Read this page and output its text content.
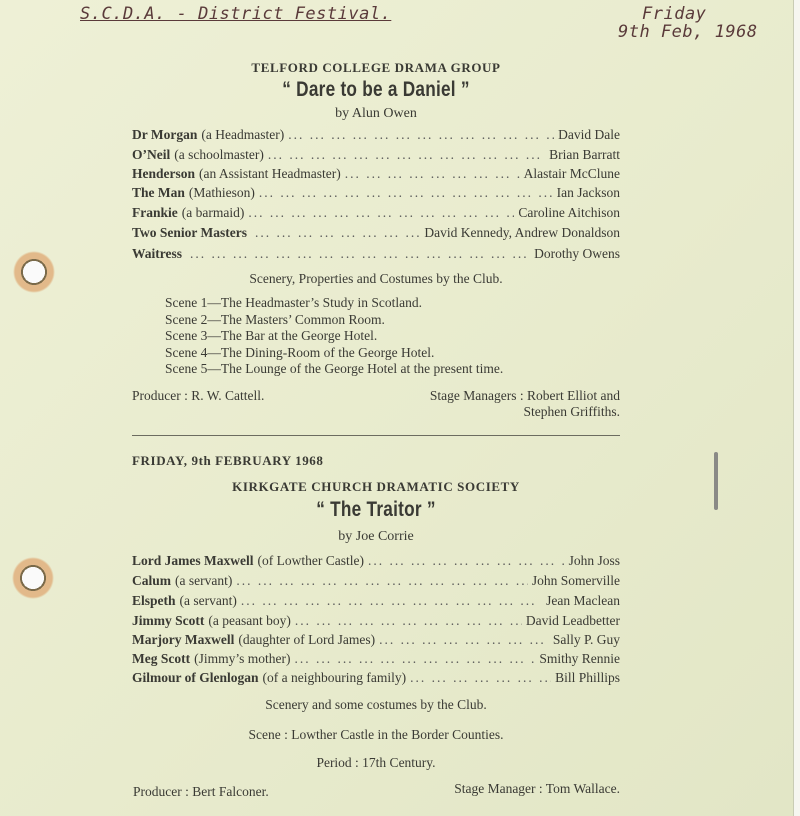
S.C.D.A. - District Festival.	Friday
9th Feb, 1968
TELFORD COLLEGE DRAMA GROUP
“ Dare to be a Daniel ”
by Alun Owen
Dr Morgan (a Headmaster) ... .	David Dale
O’Neil (a schoolmaster) ... .	Brian Barratt
Henderson (an Assistant Headmaster) ... .	Alastair McClune
The Man (Mathieson) ... .	Ian Jackson
Frankie (a barmaid) ... .	Caroline Aitchison
Two Senior Masters ... .	David Kennedy, Andrew Donaldson
Waitress ... .	Dorothy Owens
Scenery, Properties and Costumes by the Club.
Scene 1—The Headmaster’s Study in Scotland.
Scene 2—The Masters’ Common Room.
Scene 3—The Bar at the George Hotel.
Scene 4—The Dining-Room of the George Hotel.
Scene 5—The Lounge of the George Hotel at the present time.
Producer : R. W. Cattell.	Stage Managers : Robert Elliot and
Stephen Griffiths.
FRIDAY, 9th FEBRUARY 1968
KIRKGATE CHURCH DRAMATIC SOCIETY
“ The Traitor ”
by Joe Corrie
Lord James Maxwell (of Lowther Castle) ... .	John Joss
Calum (a servant) ... .	John Somerville
Elspeth (a servant) ... .	Jean Maclean
Jimmy Scott (a peasant boy) ... .	David Leadbetter
Marjory Maxwell (daughter of Lord James) ... .	Sally P. Guy
Meg Scott (Jimmy’s mother) ... .	Smithy Rennie
Gilmour of Glenlogan (of a neighbouring family) ... .	Bill Phillips
Scenery and some costumes by the Club.
Scene : Lowther Castle in the Border Counties.
Period : 17th Century.
Producer : Bert Falconer.	Stage Manager : Tom Wallace.
